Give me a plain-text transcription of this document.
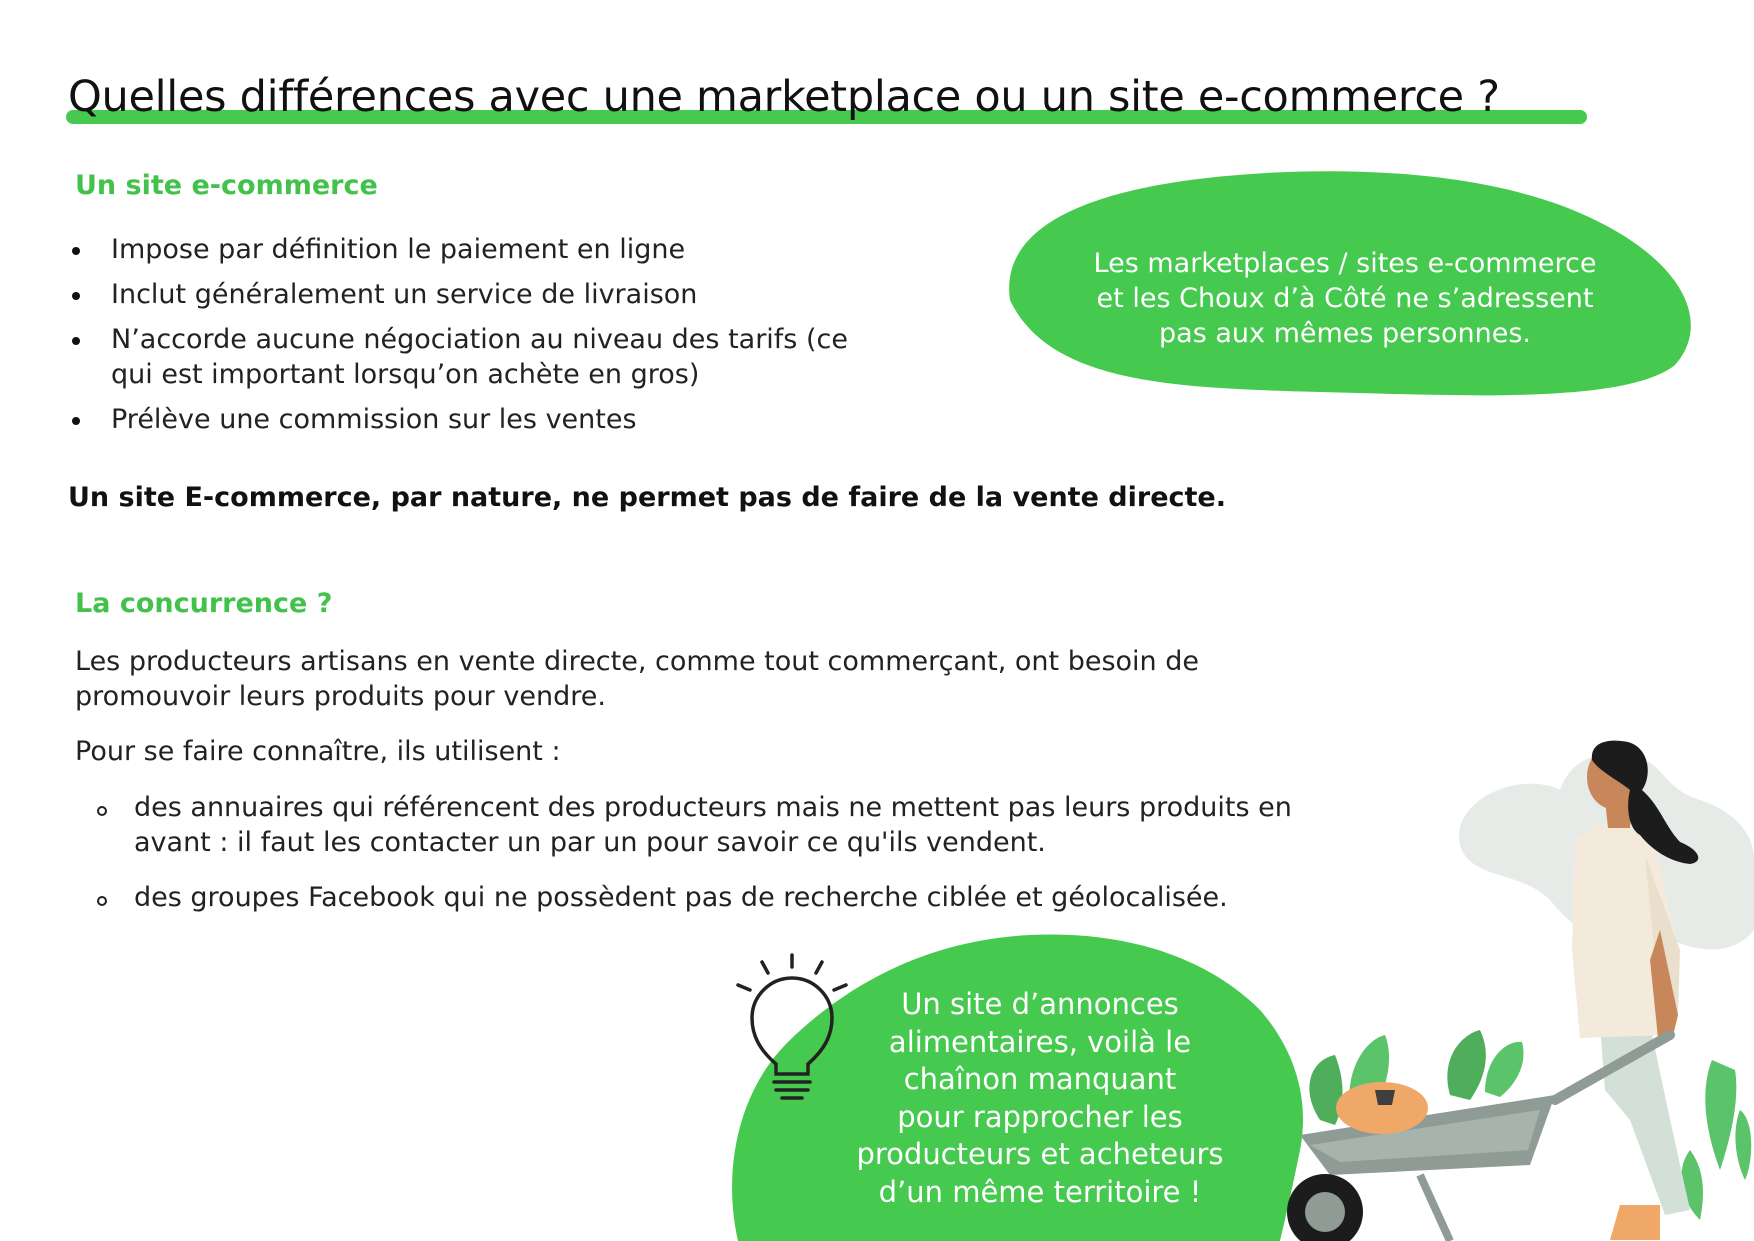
Quelles différences avec une marketplace ou un site e-commerce ?
Un site e-commerce
Impose par définition le paiement en ligne
Inclut généralement un service de livraison
N’accorde aucune négociation au niveau des tarifs (ce
qui est important lorsqu’on achète en gros)
Prélève une commission sur les ventes
Un site E-commerce, par nature, ne permet pas de faire de la vente directe.
Les marketplaces / sites e-commerce
et les Choux d’à Côté ne s’adressent
pas aux mêmes personnes.
La concurrence ?
Les producteurs artisans en vente directe, comme tout commerçant, ont besoin de
promouvoir leurs produits pour vendre.
Pour se faire connaître, ils utilisent :
des annuaires qui référencent des producteurs mais ne mettent pas leurs produits en
avant : il faut les contacter un par un pour savoir ce qu'ils vendent.
des groupes Facebook qui ne possèdent pas de recherche ciblée et géolocalisée.
Un site d’annonces
alimentaires, voilà le
chaînon manquant
pour rapprocher les
producteurs et acheteurs
d’un même territoire !
